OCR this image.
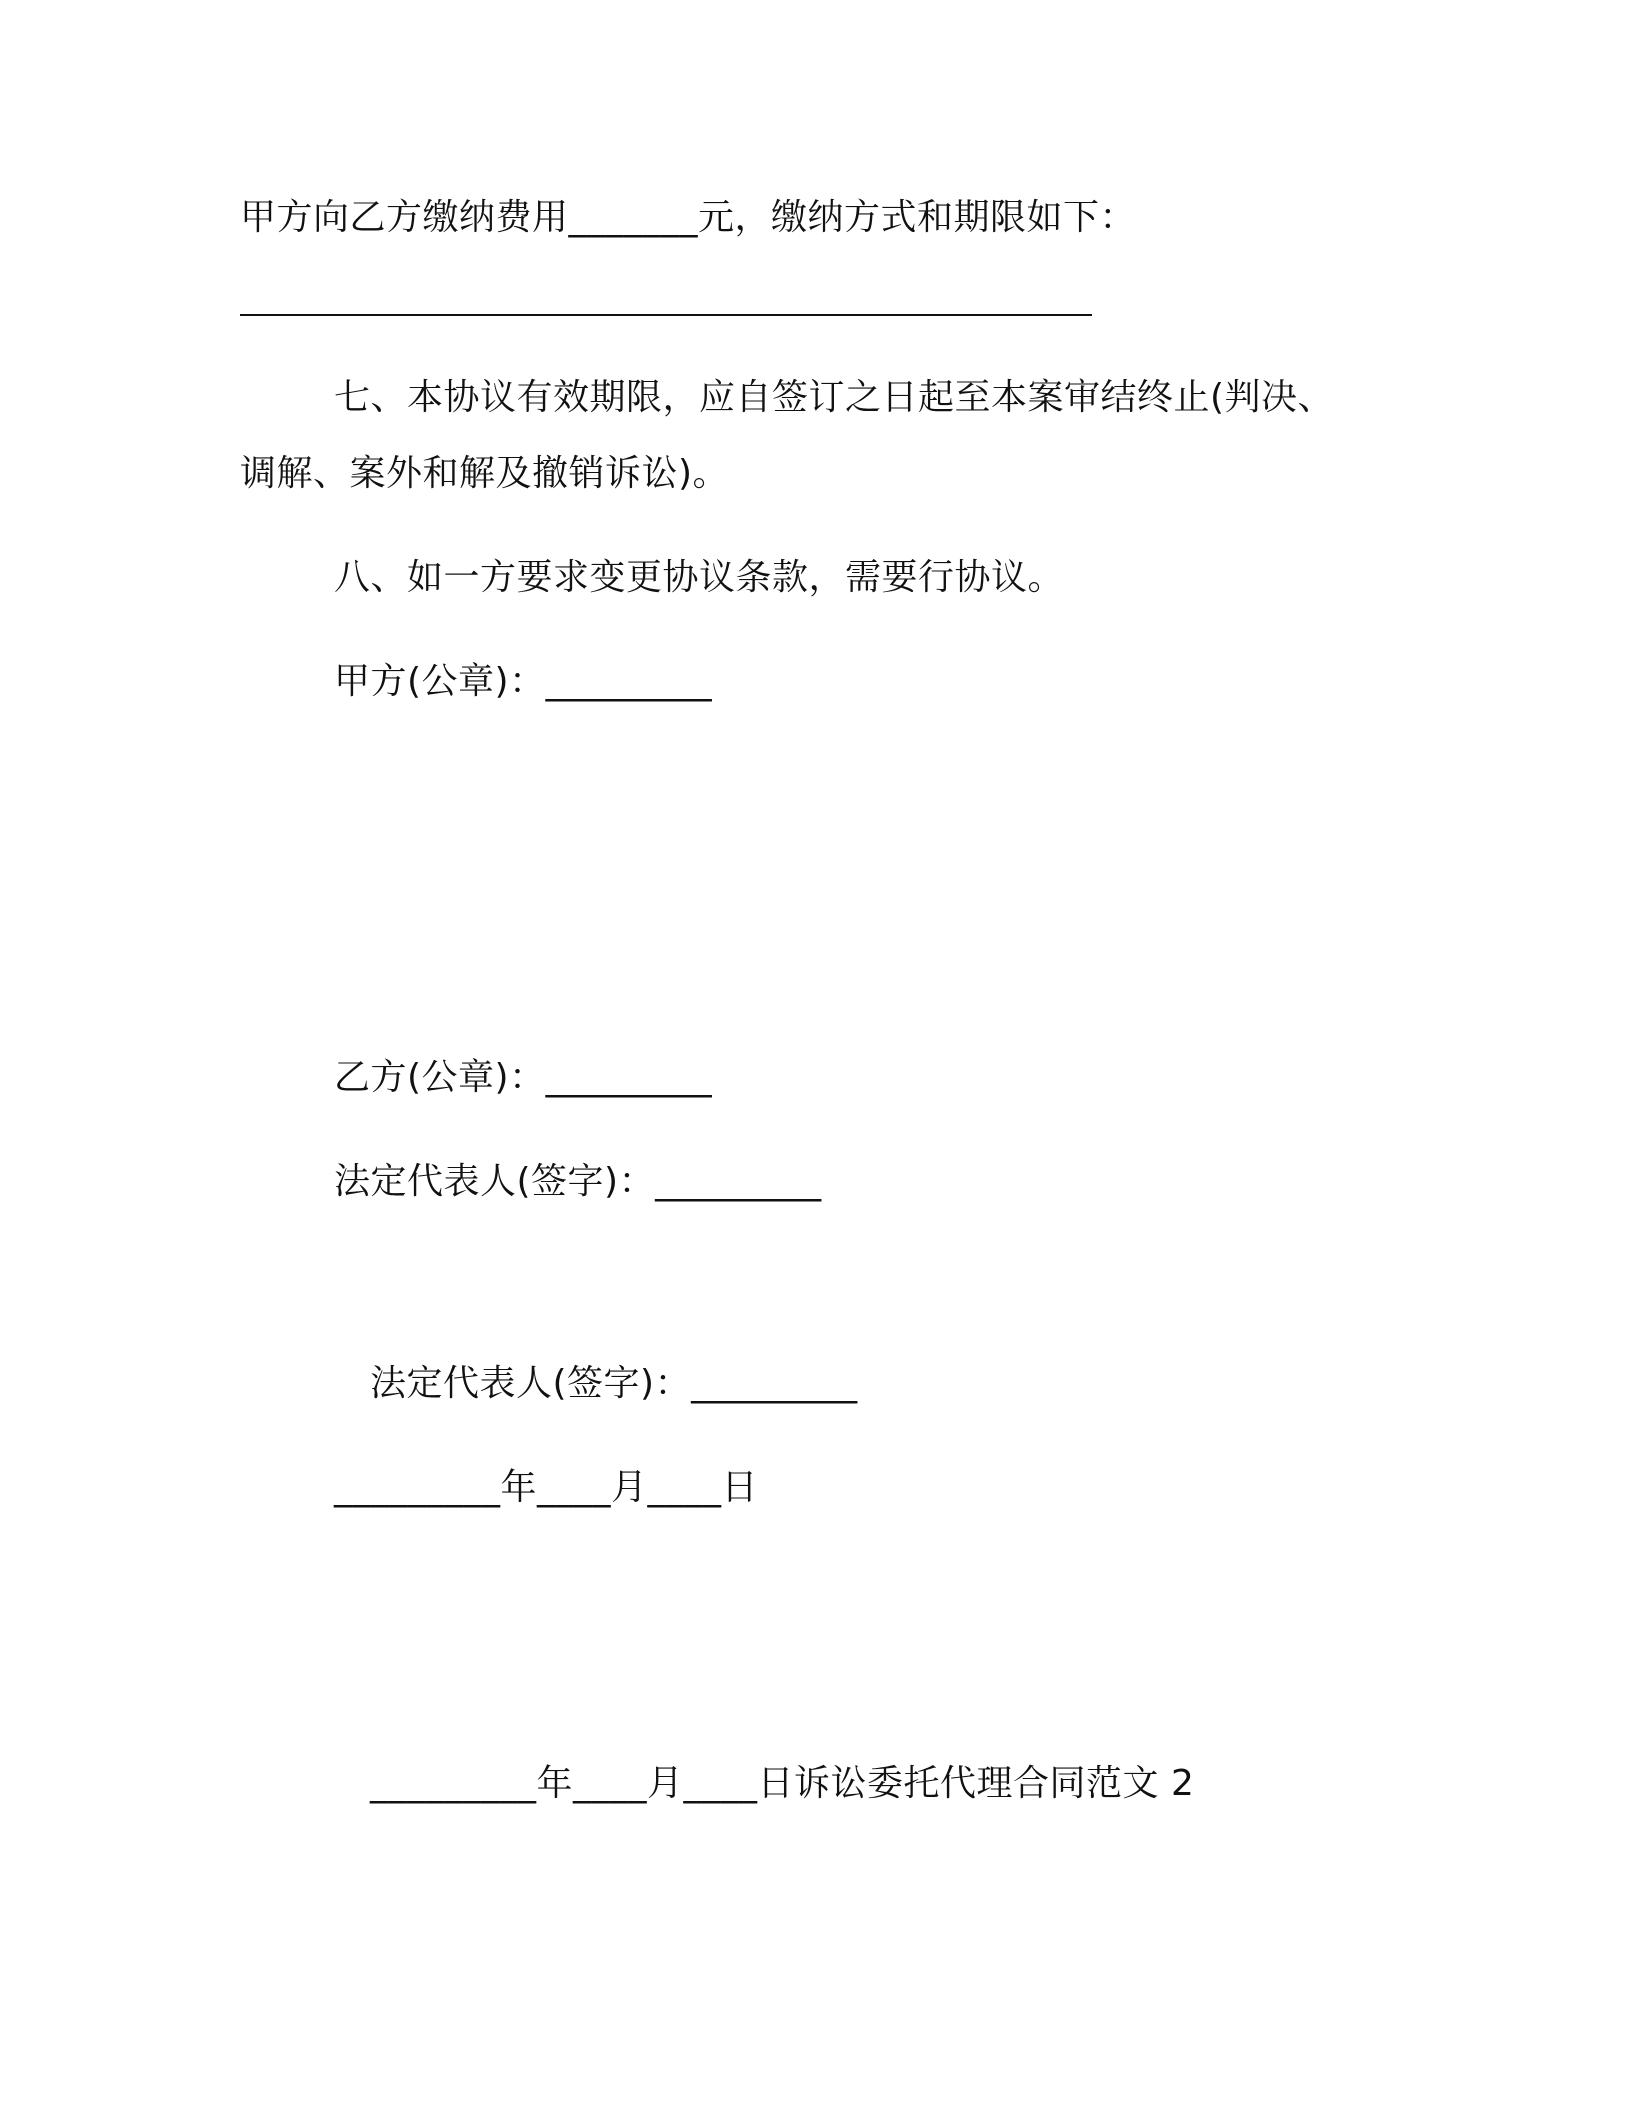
甲方向乙方缴纳费用_______元，缴纳方式和期限如下：
七、本协议有效期限，应自签订之日起至本案审结终止(判决、
调解、案外和解及撤销诉讼)。
八、如一方要求变更协议条款，需要行协议。
甲方(公章)：_________
乙方(公章)：_________
法定代表人(签字)：_________
法定代表人(签字)：_________
_________年____月____日
_________年____月____日诉讼委托代理合同范文 2
